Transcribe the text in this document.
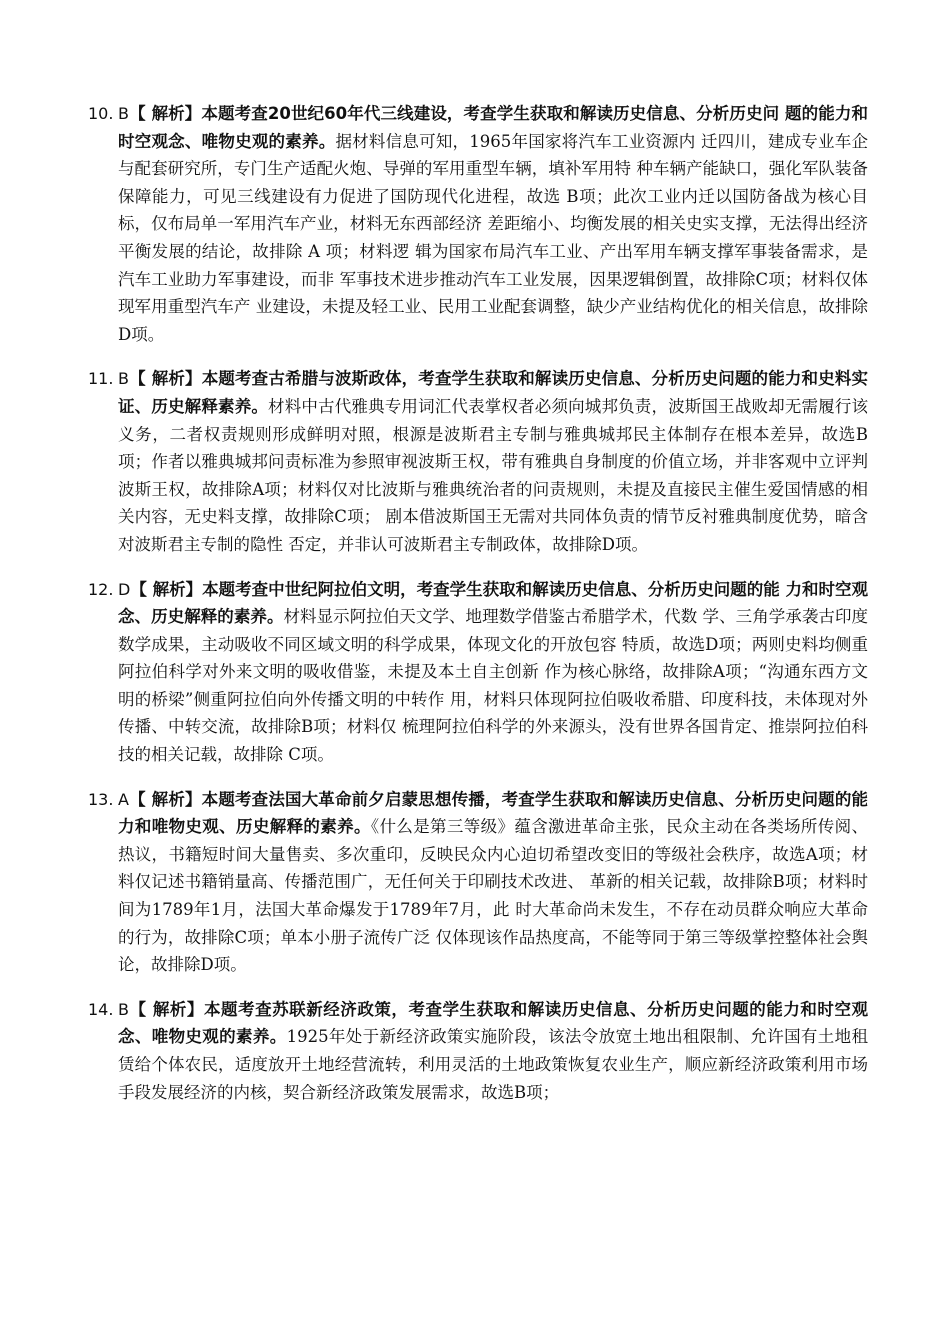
10. B【 解析】本题考查20世纪60年代三线建设，考查学生获取和解读历史信息、分析历史问 题的能力和时空观念、唯物史观的素养。据材料信息可知，1965年国家将汽车工业资源内 迁四川，建成专业车企与配套研究所，专门生产适配火炮、导弹的军用重型车辆，填补军用特 种车辆产能缺口，强化军队装备保障能力，可见三线建设有力促进了国防现代化进程，故选 B项；此次工业内迁以国防备战为核心目标，仅布局单一军用汽车产业，材料无东西部经济 差距缩小、均衡发展的相关史实支撑，无法得出经济平衡发展的结论，故排除 A 项；材料逻 辑为国家布局汽车工业、产出军用车辆支撑军事装备需求，是汽车工业助力军事建设，而非 军事技术进步推动汽车工业发展，因果逻辑倒置，故排除C项；材料仅体现军用重型汽车产 业建设，未提及轻工业、民用工业配套调整，缺少产业结构优化的相关信息，故排除D项。
11. B【 解析】本题考查古希腊与波斯政体，考查学生获取和解读历史信息、分析历史问题的能力和史料实证、历史解释素养。材料中古代雅典专用词汇代表掌权者必须向城邦负责，波斯国王战败却无需履行该义务，二者权责规则形成鲜明对照，根源是波斯君主专制与雅典城邦民主体制存在根本差异，故选B项；作者以雅典城邦问责标准为参照审视波斯王权，带有雅典自身制度的价值立场，并非客观中立评判波斯王权，故排除A项；材料仅对比波斯与雅典统治者的问责规则，未提及直接民主催生爱国情感的相关内容，无史料支撑，故排除C项； 剧本借波斯国王无需对共同体负责的情节反衬雅典制度优势，暗含对波斯君主专制的隐性 否定，并非认可波斯君主专制政体，故排除D项。
12. D【 解析】本题考查中世纪阿拉伯文明，考查学生获取和解读历史信息、分析历史问题的能 力和时空观念、历史解释的素养。材料显示阿拉伯天文学、地理数学借鉴古希腊学术，代数 学、三角学承袭古印度数学成果，主动吸收不同区域文明的科学成果，体现文化的开放包容 特质，故选D项；两则史料均侧重阿拉伯科学对外来文明的吸收借鉴，未提及本土自主创新 作为核心脉络，故排除A项；“沟通东西方文明的桥梁”侧重阿拉伯向外传播文明的中转作 用，材料只体现阿拉伯吸收希腊、印度科技，未体现对外传播、中转交流，故排除B项；材料仅 梳理阿拉伯科学的外来源头，没有世界各国肯定、推崇阿拉伯科技的相关记载，故排除 C项。
13. A【 解析】本题考查法国大革命前夕启蒙思想传播，考查学生获取和解读历史信息、分析历史问题的能力和唯物史观、历史解释的素养。《什么是第三等级》蕴含激进革命主张，民众主动在各类场所传阅、热议，书籍短时间大量售卖、多次重印，反映民众内心迫切希望改变旧的等级社会秩序，故选A项；材料仅记述书籍销量高、传播范围广，无任何关于印刷技术改进、 革新的相关记载，故排除B项；材料时间为1789年1月，法国大革命爆发于1789年7月，此 时大革命尚未发生，不存在动员群众响应大革命的行为，故排除C项；单本小册子流传广泛 仅体现该作品热度高，不能等同于第三等级掌控整体社会舆论，故排除D项。
14. B【 解析】本题考查苏联新经济政策，考查学生获取和解读历史信息、分析历史问题的能力和时空观念、唯物史观的素养。1925年处于新经济政策实施阶段，该法令放宽土地出租限制、允许国有土地租赁给个体农民，适度放开土地经营流转，利用灵活的土地政策恢复农业生产，顺应新经济政策利用市场手段发展经济的内核，契合新经济政策发展需求，故选B项；
